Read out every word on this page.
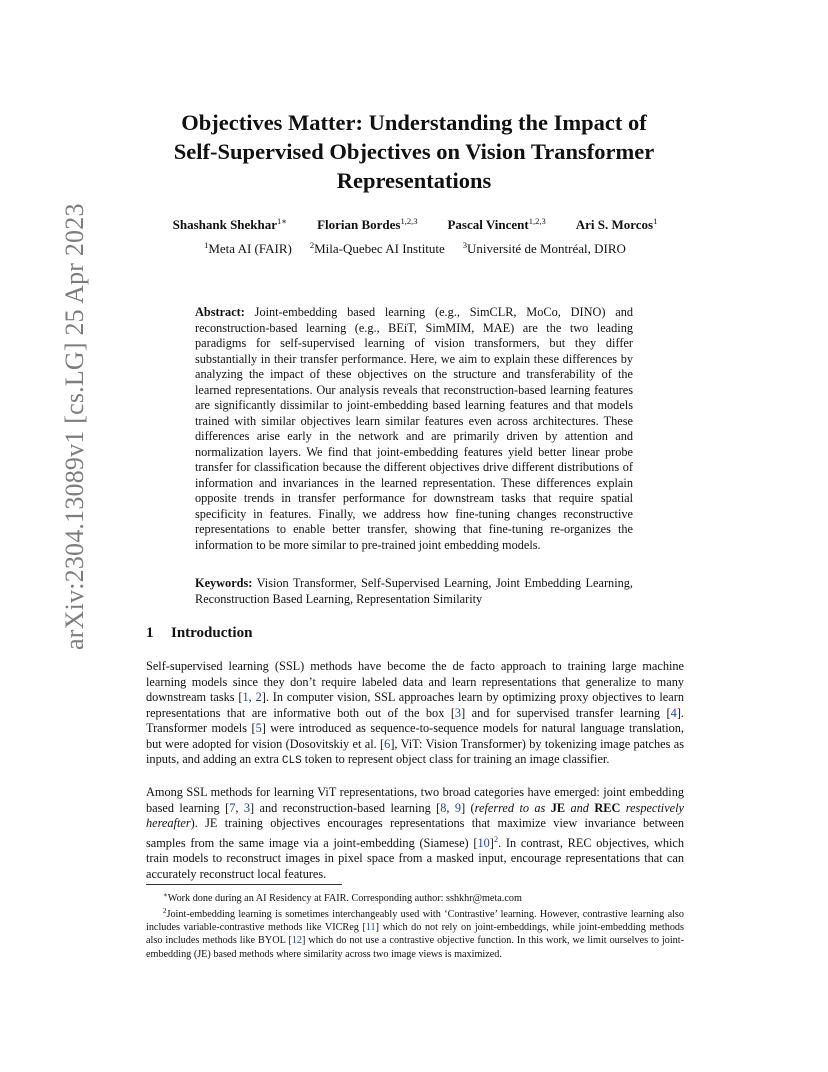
arXiv:2304.13089v1 [cs.LG] 25 Apr 2023
Objectives Matter: Understanding the Impact of
Self-Supervised Objectives on Vision Transformer
Representations
Shashank Shekhar$^{1∗}$ Florian Bordes$^{1,2,3}$ Pascal Vincent$^{1,2,3}$ Ari S. Morcos$^1$
$^1$Meta AI (FAIR) $^2$Mila-Quebec AI Institute $^3$Université de Montréal, DIRO
Abstract: Joint-embedding based learning (e.g., SimCLR, MoCo, DINO) and reconstruction-based learning (e.g., BEiT, SimMIM, MAE) are the two leading paradigms for self-supervised learning of vision transformers, but they differ substantially in their transfer performance. Here, we aim to explain these differences by analyzing the impact of these objectives on the structure and transferability of the learned representations. Our analysis reveals that reconstruction-based learning features are significantly dissimilar to joint-embedding based learning features and that models trained with similar objectives learn similar features even across architectures. These differences arise early in the network and are primarily driven by attention and normalization layers. We find that joint-embedding features yield better linear probe transfer for classification because the different objectives drive different distributions of information and invariances in the learned representation. These differences explain opposite trends in transfer performance for downstream tasks that require spatial specificity in features. Finally, we address how fine-tuning changes reconstructive representations to enable better transfer, showing that fine-tuning re-organizes the information to be more similar to pre-trained joint embedding models.
Keywords: Vision Transformer, Self-Supervised Learning, Joint Embedding Learning, Reconstruction Based Learning, Representation Similarity
1 Introduction
Self-supervised learning (SSL) methods have become the de facto approach to training large machine learning models since they don’t require labeled data and learn representations that generalize to many downstream tasks [1, 2]. In computer vision, SSL approaches learn by optimizing proxy objectives to learn representations that are informative both out of the box [3] and for supervised transfer learning [4]. Transformer models [5] were introduced as sequence-to-sequence models for natural language translation, but were adopted for vision (Dosovitskiy et al. [6], ViT: Vision Transformer) by tokenizing image patches as inputs, and adding an extra CLS token to represent object class for training an image classifier.
Among SSL methods for learning ViT representations, two broad categories have emerged: joint embedding based learning [7, 3] and reconstruction-based learning [8, 9] (referred to as JE and REC respectively hereafter). JE training objectives encourages representations that maximize view invariance between samples from the same image via a joint-embedding (Siamese) [10]$^2$. In contrast, REC objectives, which train models to reconstruct images in pixel space from a masked input, encourage representations that can accurately reconstruct local features.
∗Work done during an AI Residency at FAIR. Corresponding author: sshkhr@meta.com
$^2$Joint-embedding learning is sometimes interchangeably used with ‘Contrastive’ learning. However, contrastive learning also includes variable-contrastive methods like VICReg [11] which do not rely on joint-embeddings, while joint-embedding methods also includes methods like BYOL [12] which do not use a contrastive objective function. In this work, we limit ourselves to joint-embedding (JE) based methods where similarity across two image views is maximized.
